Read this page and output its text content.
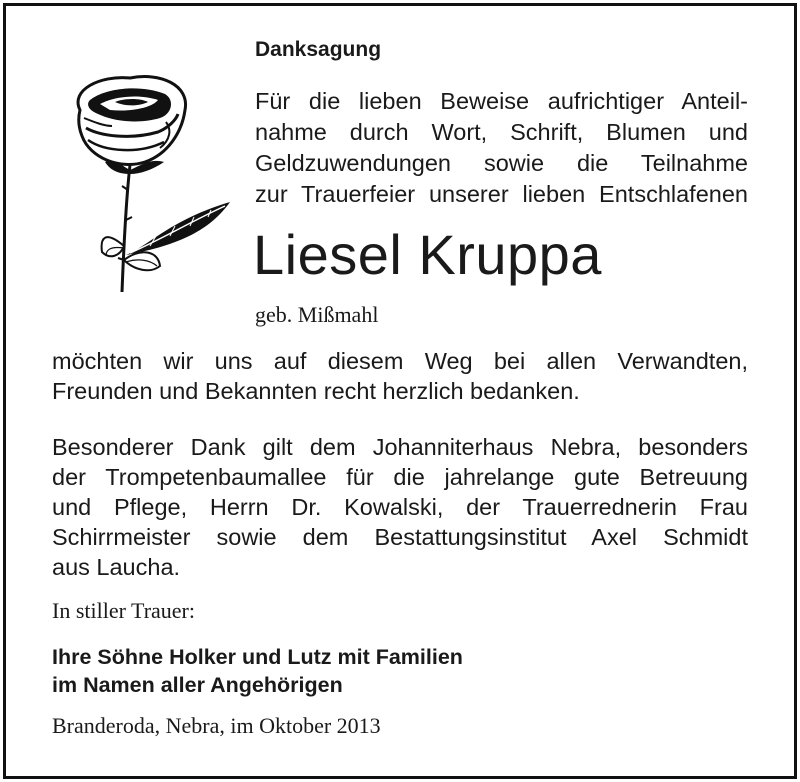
Danksagung
Für die lieben Beweise aufrichtiger Anteil-
nahme durch Wort, Schrift, Blumen und
Geldzuwendungen sowie die Teilnahme
zur Trauerfeier unserer lieben Entschlafenen
Liesel Kruppa
geb. Mißmahl
möchten wir uns auf diesem Weg bei allen Verwandten,
Freunden und Bekannten recht herzlich bedanken.
Besonderer Dank gilt dem Johanniterhaus Nebra, besonders
der Trompetenbaumallee für die jahrelange gute Betreuung
und Pflege, Herrn Dr. Kowalski, der Trauerrednerin Frau
Schirrmeister sowie dem Bestattungsinstitut Axel Schmidt
aus Laucha.
In stiller Trauer:
Ihre Söhne Holker und Lutz mit Familien
im Namen aller Angehörigen
Branderoda, Nebra, im Oktober 2013
